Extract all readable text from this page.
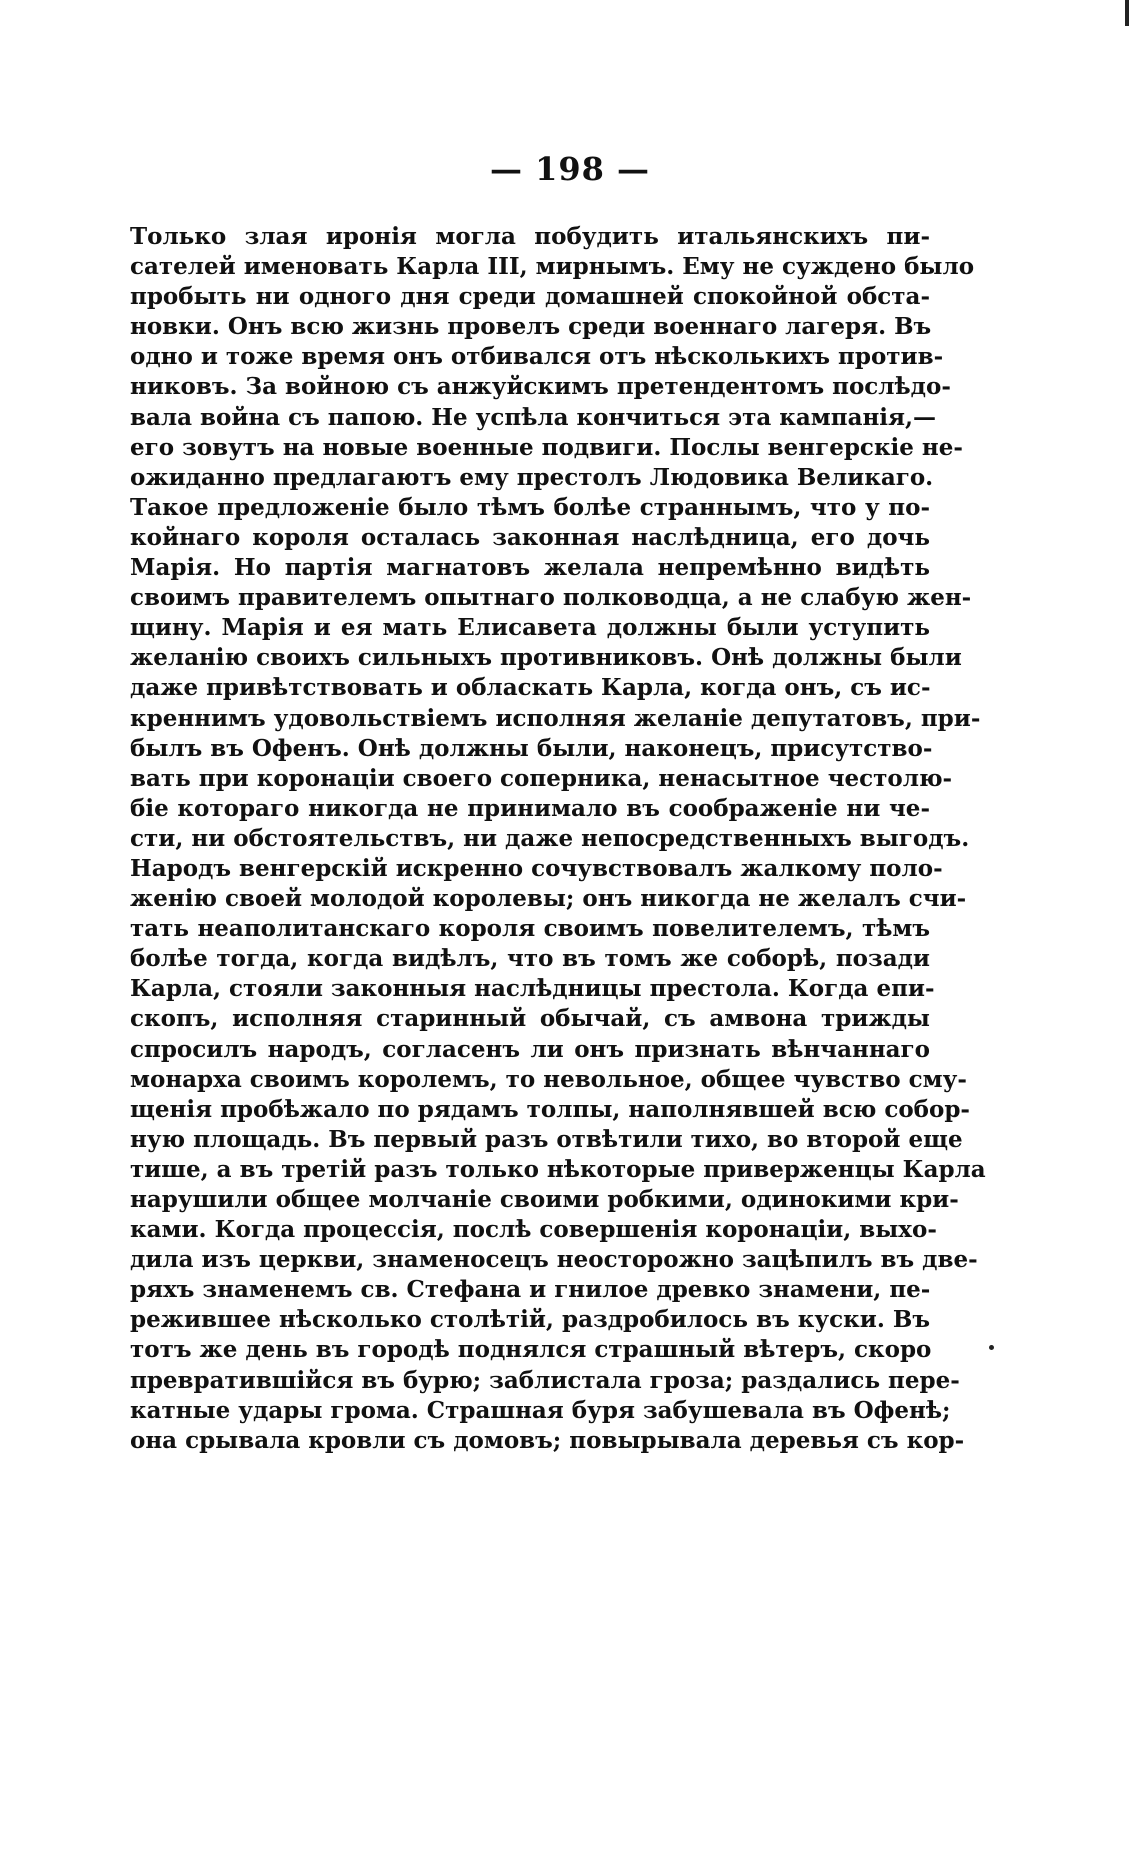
— 198 —
Только злая иронія могла побудить итальянскихъ пи-
сателей именовать Карла III, мирнымъ. Ему не суждено было
пробыть ни одного дня среди домашней спокойной обста-
новки. Онъ всю жизнь провелъ среди военнаго лагеря. Въ
одно и тоже время онъ отбивался отъ нѣсколькихъ против-
никовъ. За войною съ анжуйскимъ претендентомъ послѣдо-
вала война съ папою. Не успѣла кончиться эта кампанія,—
его зовутъ на новые военные подвиги. Послы венгерскіе не-
ожиданно предлагаютъ ему престолъ Людовика Великаго.
Такое предложеніе было тѣмъ болѣе страннымъ, что у по-
койнаго короля осталась законная наслѣдница, его дочь
Марія. Но партія магнатовъ желала непремѣнно видѣть
своимъ правителемъ опытнаго полководца, а не слабую жен-
щину. Марія и ея мать Елисавета должны были уступить
желанію своихъ сильныхъ противниковъ. Онѣ должны были
даже привѣтствовать и обласкать Карла, когда онъ, съ ис-
креннимъ удовольствіемъ исполняя желаніе депутатовъ, при-
былъ въ Офенъ. Онѣ должны были, наконецъ, присутство-
вать при коронаціи своего соперника, ненасытное честолю-
біе котораго никогда не принимало въ соображеніе ни че-
сти, ни обстоятельствъ, ни даже непосредственныхъ выгодъ.
Народъ венгерскій искренно сочувствовалъ жалкому поло-
женію своей молодой королевы; онъ никогда не желалъ счи-
тать неаполитанскаго короля своимъ повелителемъ, тѣмъ
болѣе тогда, когда видѣлъ, что въ томъ же соборѣ, позади
Карла, стояли законныя наслѣдницы престола. Когда епи-
скопъ, исполняя старинный обычай, съ амвона трижды
спросилъ народъ, согласенъ ли онъ признать вѣнчаннаго
монарха своимъ королемъ, то невольное, общее чувство сму-
щенія пробѣжало по рядамъ толпы, наполнявшей всю собор-
ную площадь. Въ первый разъ отвѣтили тихо, во второй еще
тише, а въ третій разъ только нѣкоторые приверженцы Карла
нарушили общее молчаніе своими робкими, одинокими кри-
ками. Когда процессія, послѣ совершенія коронаціи, выхо-
дила изъ церкви, знаменосецъ неосторожно зацѣпилъ въ две-
ряхъ знаменемъ св. Стефана и гнилое древко знамени, пе-
режившее нѣсколько столѣтій, раздробилось въ куски. Въ
тотъ же день въ городѣ поднялся страшный вѣтеръ, скоро
превратившійся въ бурю; заблистала гроза; раздались пере-
катные удары грома. Страшная буря забушевала въ Офенѣ;
она срывала кровли съ домовъ; повырывала деревья съ кор-
